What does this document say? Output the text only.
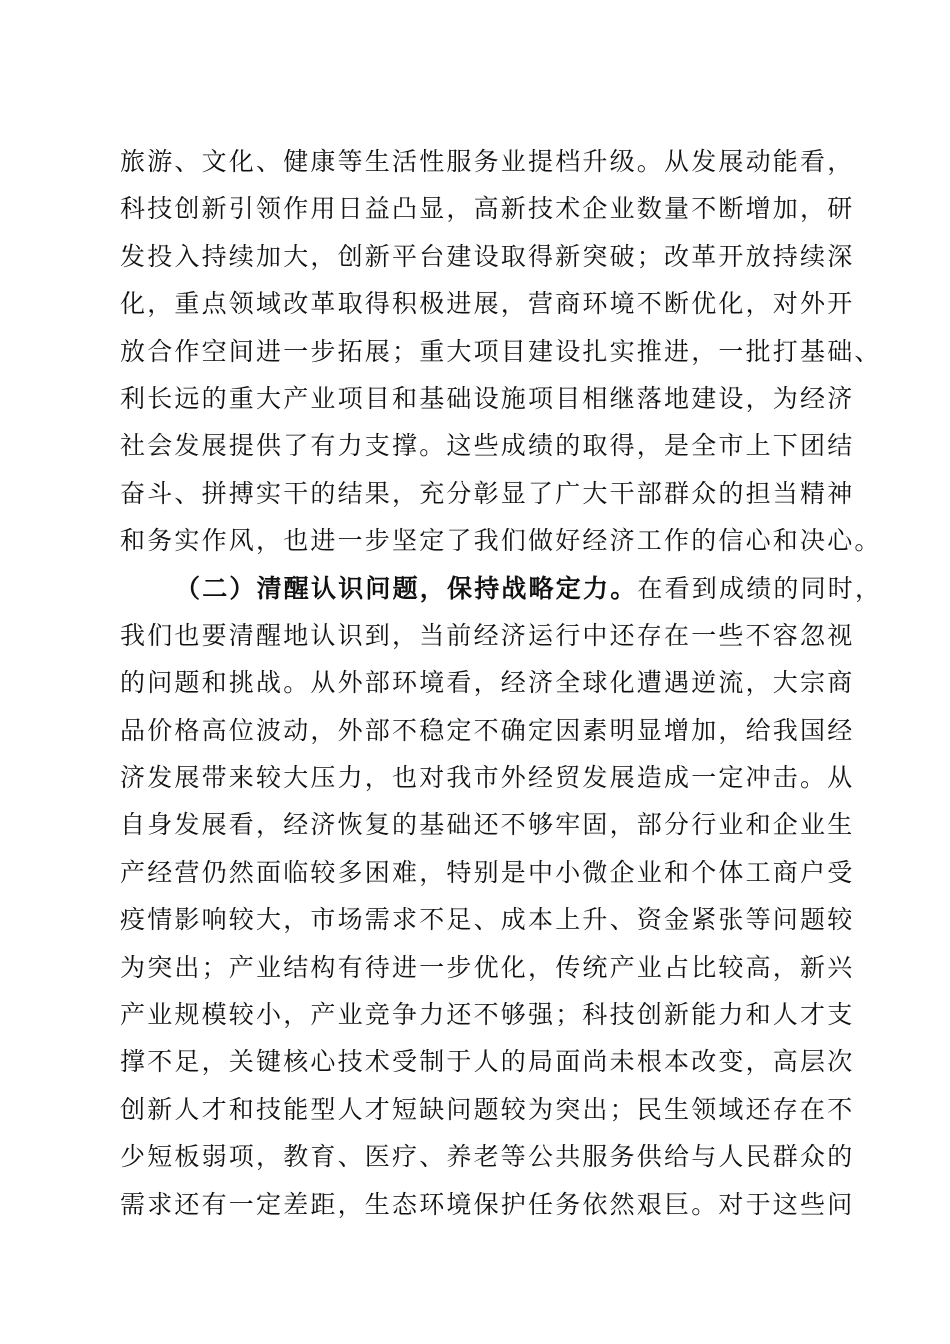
旅游、文化、健康等生活性服务业提档升级。从发展动能看，
科技创新引领作用日益凸显，高新技术企业数量不断增加，研
发投入持续加大，创新平台建设取得新突破；改革开放持续深
化，重点领域改革取得积极进展，营商环境不断优化，对外开
放合作空间进一步拓展；重大项目建设扎实推进，一批打基础、
利长远的重大产业项目和基础设施项目相继落地建设，为经济
社会发展提供了有力支撑。这些成绩的取得，是全市上下团结
奋斗、拼搏实干的结果，充分彰显了广大干部群众的担当精神
和务实作风，也进一步坚定了我们做好经济工作的信心和决心。
（二）清醒认识问题，保持战略定力。在看到成绩的同时，
我们也要清醒地认识到，当前经济运行中还存在一些不容忽视
的问题和挑战。从外部环境看，经济全球化遭遇逆流，大宗商
品价格高位波动，外部不稳定不确定因素明显增加，给我国经
济发展带来较大压力，也对我市外经贸发展造成一定冲击。从
自身发展看，经济恢复的基础还不够牢固，部分行业和企业生
产经营仍然面临较多困难，特别是中小微企业和个体工商户受
疫情影响较大，市场需求不足、成本上升、资金紧张等问题较
为突出；产业结构有待进一步优化，传统产业占比较高，新兴
产业规模较小，产业竞争力还不够强；科技创新能力和人才支
撑不足，关键核心技术受制于人的局面尚未根本改变，高层次
创新人才和技能型人才短缺问题较为突出；民生领域还存在不
少短板弱项，教育、医疗、养老等公共服务供给与人民群众的
需求还有一定差距，生态环境保护任务依然艰巨。对于这些问
